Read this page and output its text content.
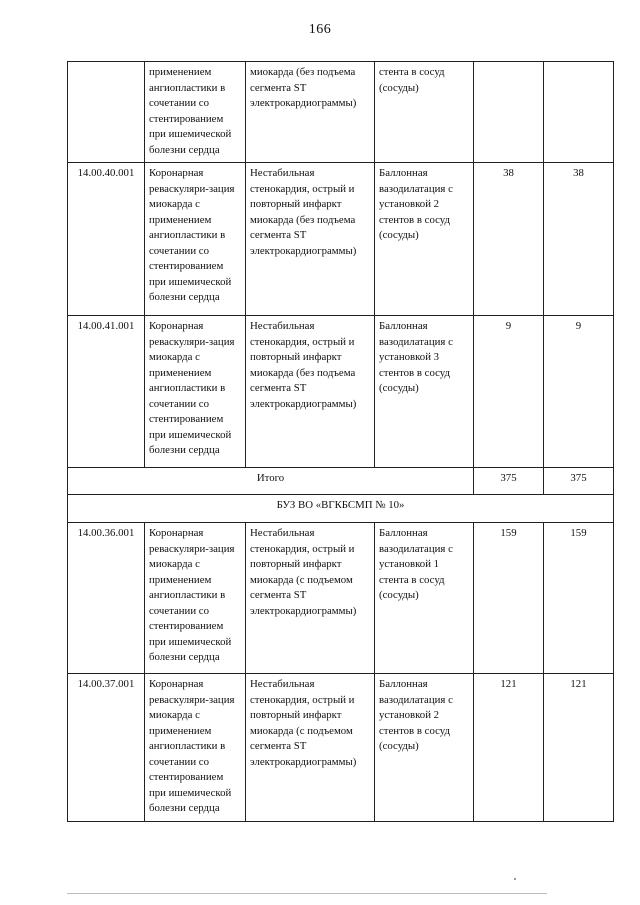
166
	применением ангиопластики в сочетании со стентированием при ишемической болезни сердца	миокарда (без подъема сегмента ST электрокардиограммы)	стента в сосуд (сосуды)		
14.00.40.001	Коронарная реваскуляри-зация миокарда с применением ангиопластики в сочетании со стентированием при ишемической болезни сердца	Нестабильная стенокардия, острый и повторный инфаркт миокарда (без подъема сегмента ST электрокардиограммы)	Баллонная вазодилатация с установкой 2 стентов в сосуд (сосуды)	38	38
14.00.41.001	Коронарная реваскуляри-зация миокарда с применением ангиопластики в сочетании со стентированием при ишемической болезни сердца	Нестабильная стенокардия, острый и повторный инфаркт миокарда (без подъема сегмента ST электрокардиограммы)	Баллонная вазодилатация с установкой 3 стентов в сосуд (сосуды)	9	9
Итого				375	375
БУЗ ВО «ВГКБСМП № 10»					
14.00.36.001	Коронарная реваскуляри-зация миокарда с применением ангиопластики в сочетании со стентированием при ишемической болезни сердца	Нестабильная стенокардия, острый и повторный инфаркт миокарда (с подъемом сегмента ST электрокардиограммы)	Баллонная вазодилатация с установкой 1 стента в сосуд (сосуды)	159	159
14.00.37.001	Коронарная реваскуляри-зация миокарда с применением ангиопластики в сочетании со стентированием при ишемической болезни сердца	Нестабильная стенокардия, острый и повторный инфаркт миокарда (с подъемом сегмента ST электрокардиограммы)	Баллонная вазодилатация с установкой 2 стентов в сосуд (сосуды)	121	121
